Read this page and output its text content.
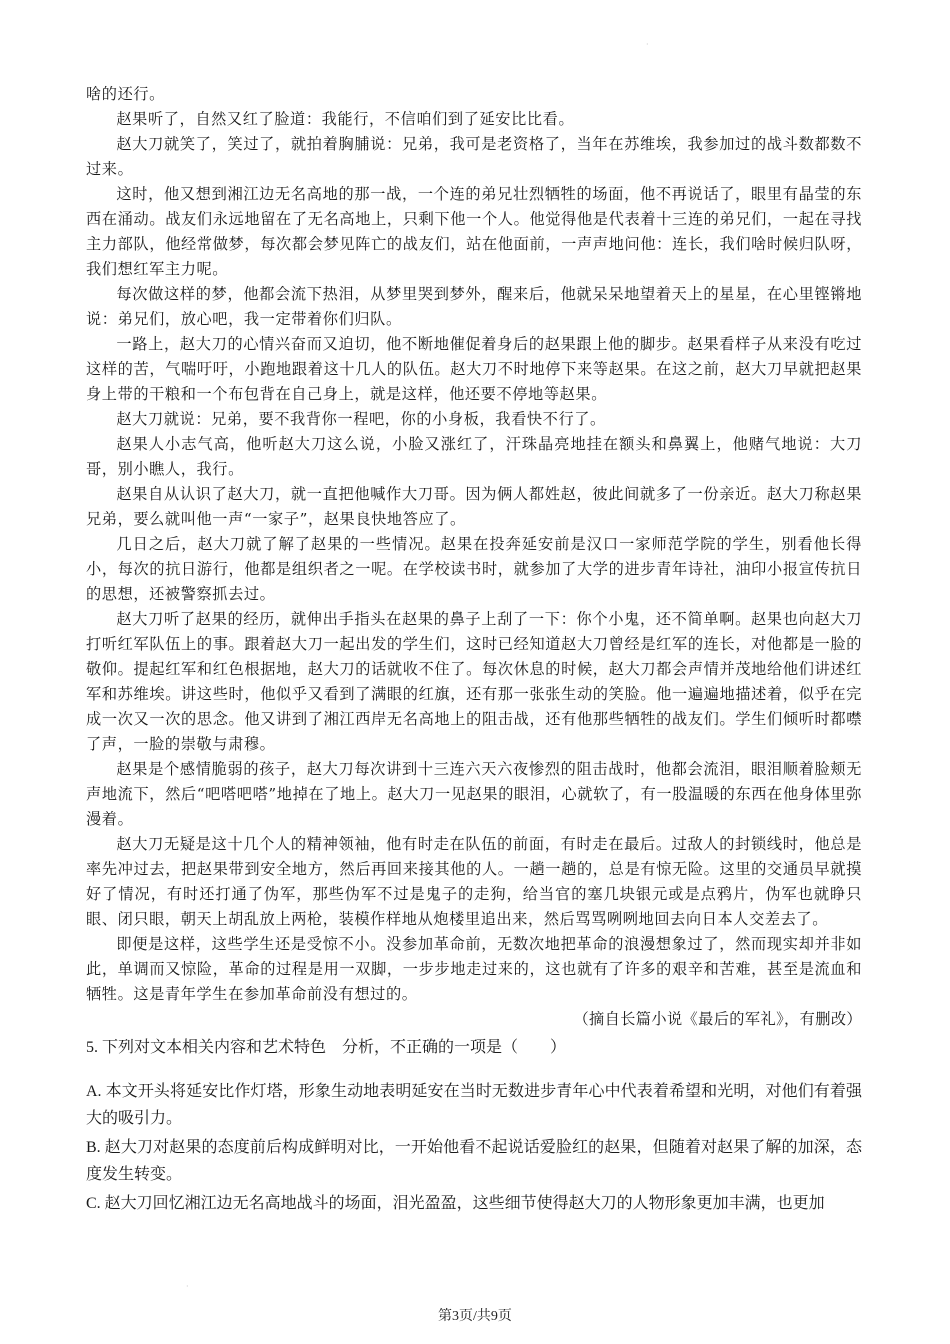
·

啥的还行。

赵果听了，自然又红了脸道：我能行，不信咱们到了延安比比看。

赵大刀就笑了，笑过了，就拍着胸脯说：兄弟，我可是老资格了，当年在苏维埃，我参加过的战斗数都数不过来。

这时，他又想到湘江边无名高地的那一战，一个连的弟兄壮烈牺牲的场面，他不再说话了，眼里有晶莹的东西在涌动。战友们永远地留在了无名高地上，只剩下他一个人。他觉得他是代表着十三连的弟兄们，一起在寻找主力部队，他经常做梦，每次都会梦见阵亡的战友们，站在他面前，一声声地问他：连长，我们啥时候归队呀，我们想红军主力呢。

每次做这样的梦，他都会流下热泪，从梦里哭到梦外，醒来后，他就呆呆地望着天上的星星，在心里铿锵地说：弟兄们，放心吧，我一定带着你们归队。

一路上，赵大刀的心情兴奋而又迫切，他不断地催促着身后的赵果跟上他的脚步。赵果看样子从来没有吃过这样的苦，气喘吁吁，小跑地跟着这十几人的队伍。赵大刀不时地停下来等赵果。在这之前，赵大刀早就把赵果身上带的干粮和一个布包背在自己身上，就是这样，他还要不停地等赵果。

赵大刀就说：兄弟，要不我背你一程吧，你的小身板，我看快不行了。

赵果人小志气高，他听赵大刀这么说，小脸又涨红了，汗珠晶亮地挂在额头和鼻翼上，他赌气地说：大刀哥，别小瞧人，我行。

赵果自从认识了赵大刀，就一直把他喊作大刀哥。因为俩人都姓赵，彼此间就多了一份亲近。赵大刀称赵果兄弟，要么就叫他一声“一家子”，赵果良快地答应了。

几日之后，赵大刀就了解了赵果的一些情况。赵果在投奔延安前是汉口一家师范学院的学生，别看他长得小，每次的抗日游行，他都是组织者之一呢。在学校读书时，就参加了大学的进步青年诗社，油印小报宣传抗日的思想，还被警察抓去过。

赵大刀听了赵果的经历，就伸出手指头在赵果的鼻子上刮了一下：你个小鬼，还不简单啊。赵果也向赵大刀打听红军队伍上的事。跟着赵大刀一起出发的学生们，这时已经知道赵大刀曾经是红军的连长，对他都是一脸的敬仰。提起红军和红色根据地，赵大刀的话就收不住了。每次休息的时候，赵大刀都会声情并茂地给他们讲述红军和苏维埃。讲这些时，他似乎又看到了满眼的红旗，还有那一张张生动的笑脸。他一遍遍地描述着，似乎在完成一次又一次的思念。他又讲到了湘江西岸无名高地上的阻击战，还有他那些牺牲的战友们。学生们倾听时都噤了声，一脸的崇敬与肃穆。

赵果是个感情脆弱的孩子，赵大刀每次讲到十三连六天六夜惨烈的阻击战时，他都会流泪，眼泪顺着脸颊无声地流下，然后“吧嗒吧嗒”地掉在了地上。赵大刀一见赵果的眼泪，心就软了，有一股温暖的东西在他身体里弥漫着。

赵大刀无疑是这十几个人的精神领袖，他有时走在队伍的前面，有时走在最后。过敌人的封锁线时，他总是率先冲过去，把赵果带到安全地方，然后再回来接其他的人。一趟一趟的，总是有惊无险。这里的交通员早就摸好了情况，有时还打通了伪军，那些伪军不过是鬼子的走狗，给当官的塞几块银元或是点鸦片，伪军也就睁只眼、闭只眼，朝天上胡乱放上两枪，装模作样地从炮楼里追出来，然后骂骂咧咧地回去向日本人交差去了。

即便是这样，这些学生还是受惊不小。没参加革命前，无数次地把革命的浪漫想象过了，然而现实却并非如此，单调而又惊险，革命的过程是用一双脚，一步步地走过来的，这也就有了许多的艰辛和苦难，甚至是流血和牺牲。这是青年学生在参加革命前没有想过的。

（摘自长篇小说《最后的军礼》，有删改）

5. 下列对文本相关内容和艺术特色　分析，不正确的一项是（　　）

A. 本文开头将延安比作灯塔，形象生动地表明延安在当时无数进步青年心中代表着希望和光明，对他们有着强大的吸引力。

B. 赵大刀对赵果的态度前后构成鲜明对比，一开始他看不起说话爱脸红的赵果，但随着对赵果了解的加深，态度发生转变。

C. 赵大刀回忆湘江边无名高地战斗的场面，泪光盈盈，这些细节使得赵大刀的人物形象更加丰满，也更加

·
第3页/共9页
